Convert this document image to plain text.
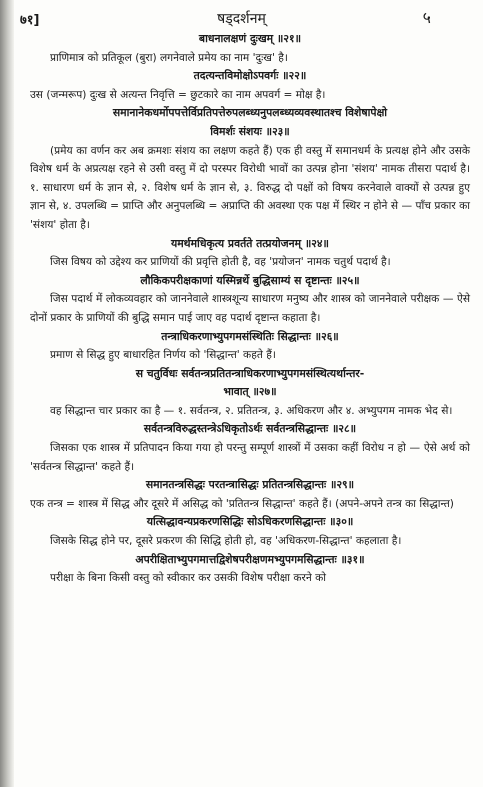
७१]	षड्दर्शनम्	५
बाधनालक्षणं दुःखम् ॥२१॥
प्राणिमात्र को प्रतिकूल (बुरा) लगनेवाले प्रमेय का नाम 'दुःख' है।
तदत्यन्तविमोक्षोऽपवर्गः ॥२२॥
उस (जन्मरूप) दुःख से अत्यन्त निवृत्ति = छुटकारे का नाम अपवर्ग = मोक्ष है।
समानानेकधर्मोपपत्तेर्विप्रतिपत्तेरुपलब्ध्यनुपलब्ध्यव्यवस्थातश्च विशेषापेक्षो
विमर्शः संशयः ॥२३॥
(प्रमेय का वर्णन कर अब क्रमशः संशय का लक्षण कहते हैं) एक ही वस्तु में समानधर्म के प्रत्यक्ष होने और उसके विशेष धर्म के अप्रत्यक्ष रहने से उसी वस्तु में दो परस्पर विरोधी भावों का उत्पन्न होना 'संशय' नामक तीसरा पदार्थ है। १. साधारण धर्म के ज्ञान से, २. विशेष धर्म के ज्ञान से, ३. विरुद्ध दो पक्षों को विषय करनेवाले वाक्यों से उत्पन्न हुए ज्ञान से, ४. उपलब्धि = प्राप्ति और अनुपलब्धि = अप्राप्ति की अवस्था एक पक्ष में स्थिर न होने से — पाँच प्रकार का 'संशय' होता है।
यमर्थमधिकृत्य प्रवर्तते तत्प्रयोजनम् ॥२४॥
जिस विषय को उद्देश्य कर प्राणियों की प्रवृत्ति होती है, वह 'प्रयोजन' नामक चतुर्थ पदार्थ है।
लौकिकपरीक्षकाणां यस्मिन्नर्थे बुद्धिसाम्यं स दृष्टान्तः ॥२५॥
जिस पदार्थ में लोकव्यवहार को जाननेवाले शास्त्रशून्य साधारण मनुष्य और शास्त्र को जाननेवाले परीक्षक — ऐसे दोनों प्रकार के प्राणियों की बुद्धि समान पाई जाए वह पदार्थ दृष्टान्त कहाता है।
तन्त्राधिकरणाभ्युपगमसंस्थितिः सिद्धान्तः ॥२६॥
प्रमाण से सिद्ध हुए बाधारहित निर्णय को 'सिद्धान्त' कहते हैं।
स चतुर्विधः सर्वतन्त्रप्रतितन्त्राधिकरणाभ्युपगमसंस्थित्यर्थान्तर-
भावात् ॥२७॥
वह सिद्धान्त चार प्रकार का है — १. सर्वतन्त्र, २. प्रतितन्त्र, ३. अधिकरण और ४. अभ्युपगम नामक भेद से।
सर्वतन्त्रविरुद्धस्तन्त्रेऽधिकृतोऽर्थः सर्वतन्त्रसिद्धान्तः ॥२८॥
जिसका एक शास्त्र में प्रतिपादन किया गया हो परन्तु सम्पूर्ण शास्त्रों में उसका कहीं विरोध न हो — ऐसे अर्थ को 'सर्वतन्त्र सिद्धान्त' कहते हैं।
समानतन्त्रसिद्धः परतन्त्रासिद्धः प्रतितन्त्रसिद्धान्तः ॥२९॥
एक तन्त्र = शास्त्र में सिद्ध और दूसरे में असिद्ध को 'प्रतितन्त्र सिद्धान्त' कहते हैं। (अपने-अपने तन्त्र का सिद्धान्त)
यत्सिद्धावन्यप्रकरणसिद्धिः सोऽधिकरणसिद्धान्तः ॥३०॥
जिसके सिद्ध होने पर, दूसरे प्रकरण की सिद्धि होती हो, वह 'अधिकरण-सिद्धान्त' कहलाता है।
अपरीक्षिताभ्युपगमात्तद्विशेषपरीक्षणमभ्युपगमसिद्धान्तः ॥३१॥
परीक्षा के बिना किसी वस्तु को स्वीकार कर उसकी विशेष परीक्षा करने को
